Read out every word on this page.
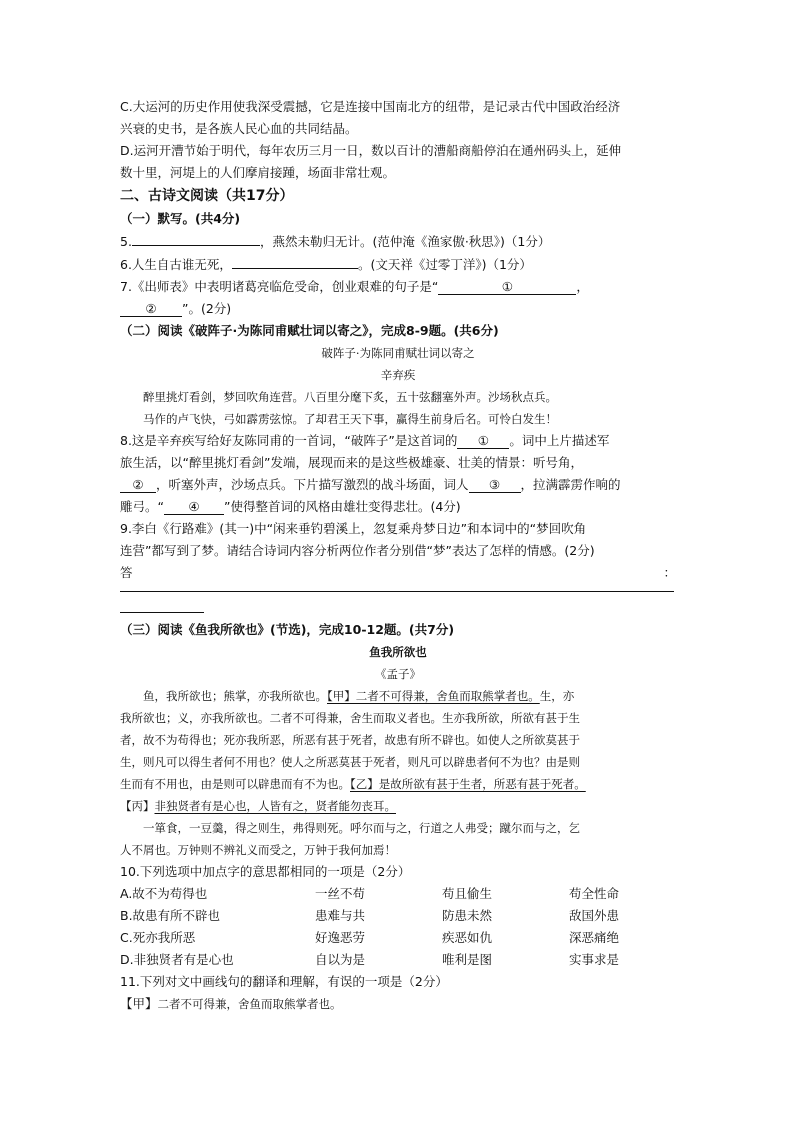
C.大运河的历史作用使我深受震撼，它是连接中国南北方的纽带，是记录古代中国政治经济

兴衰的史书，是各族人民心血的共同结晶。

D.运河开漕节始于明代，每年农历三月一日，数以百计的漕船商船停泊在通州码头上，延伸

数十里，河堤上的人们摩肩接踵，场面非常壮观。

二、古诗文阅读（共17分）

（一）默写。(共4分)

5.	，燕然未勒归无计。(范仲淹《渔家傲·秋思》)（1分）

6.人生自古谁无死，	。(文天祥《过零丁洋》)（1分）

7.《出师表》中表明诸葛亮临危受命，创业艰难的句子是“	①	，

② ”。(2分)

（二）阅读《破阵子·为陈同甫赋壮词以寄之》，完成8-9题。(共6分)

破阵子·为陈同甫赋壮词以寄之

辛弃疾

醉里挑灯看剑，梦回吹角连营。八百里分麾下炙，五十弦翻塞外声。沙场秋点兵。

马作的卢飞快，弓如霹雳弦惊。了却君王天下事，赢得生前身后名。可怜白发生！

8.这是辛弃疾写给好友陈同甫的一首词，“破阵子”是这首词的 ① 。词中上片描述军

旅生活，以“醉里挑灯看剑”发端，展现而来的是这些极雄豪、壮美的情景：听号角，

② ，听塞外声，沙场点兵。下片描写激烈的战斗场面，词人 ③ ，拉满霹雳作响的

雕弓。“ ④ ”使得整首词的风格由雄壮变得悲壮。(4分)

9.李白《行路难》(其一)中“闲来垂钓碧溪上，忽复乘舟梦日边”和本词中的“梦回吹角

连营”都写到了梦。请结合诗词内容分析两位作者分别借“梦”表达了怎样的情感。(2分)

答	：

（三）阅读《鱼我所欲也》(节选)，完成10-12题。(共7分)

鱼我所欲也

《孟子》

鱼，我所欲也；熊掌，亦我所欲也。【甲】二者不可得兼，舍鱼而取熊掌者也。生，亦

我所欲也；义，亦我所欲也。二者不可得兼，舍生而取义者也。生亦我所欲，所欲有甚于生

者，故不为苟得也；死亦我所恶，所恶有甚于死者，故患有所不辟也。如使人之所欲莫甚于

生，则凡可以得生者何不用也？使人之所恶莫甚于死者，则凡可以辟患者何不为也？由是则

生而有不用也，由是则可以辟患而有不为也。【乙】是故所欲有甚于生者，所恶有甚于死者。

【丙】非独贤者有是心也，人皆有之，贤者能勿丧耳。

一箪食，一豆羹，得之则生，弗得则死。呼尔而与之，行道之人弗受；蹴尔而与之，乞

人不屑也。万钟则不辨礼义而受之，万钟于我何加焉！

10.下列选项中加点字的意思都相同的一项是（2分）

A.故不为苟得也	一丝不苟	苟且偷生	苟全性命
B.故患有所不辟也	患难与共	防患未然	敌国外患
C.死亦我所恶	好逸恶劳	疾恶如仇	深恶痛绝
D.非独贤者有是心也	自以为是	唯利是图	实事求是

11.下列对文中画线句的翻译和理解，有误的一项是（2分）

【甲】二者不可得兼，舍鱼而取熊掌者也。
